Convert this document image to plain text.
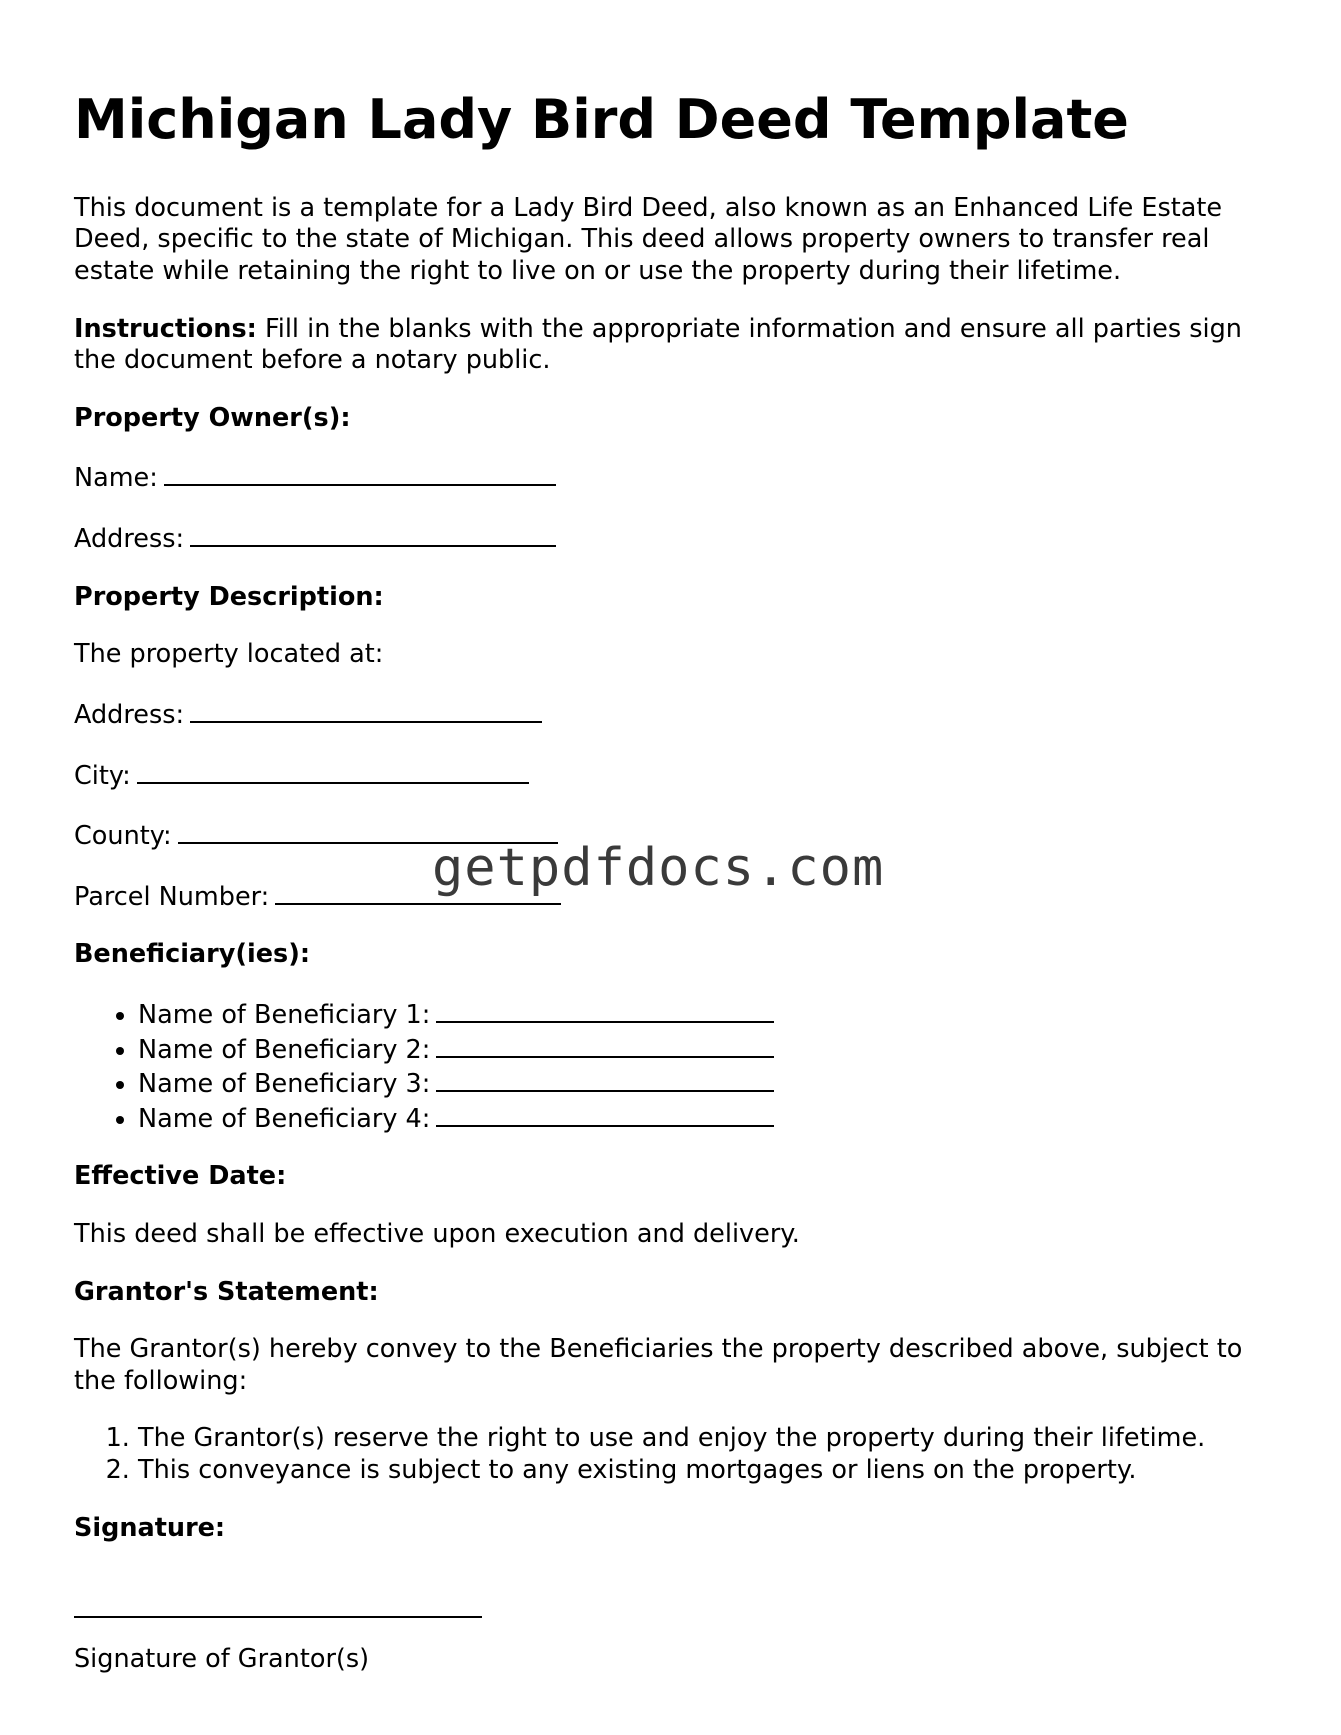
Michigan Lady Bird Deed Template

This document is a template for a Lady Bird Deed, also known as an Enhanced Life Estate Deed, specific to the state of Michigan. This deed allows property owners to transfer real estate while retaining the right to live on or use the property during their lifetime.

Instructions: Fill in the blanks with the appropriate information and ensure all parties sign the document before a notary public.

Property Owner(s):

Name:

Address:

Property Description:

The property located at:

Address:

City:

County:

Parcel Number:

Beneficiary(ies):

• Name of Beneficiary 1:
• Name of Beneficiary 2:
• Name of Beneficiary 3:
• Name of Beneficiary 4:

Effective Date:

This deed shall be effective upon execution and delivery.

Grantor's Statement:

The Grantor(s) hereby convey to the Beneficiaries the property described above, subject to the following:

1. The Grantor(s) reserve the right to use and enjoy the property during their lifetime.
2. This conveyance is subject to any existing mortgages or liens on the property.

Signature:

Signature of Grantor(s)

getpdfdocs.com
